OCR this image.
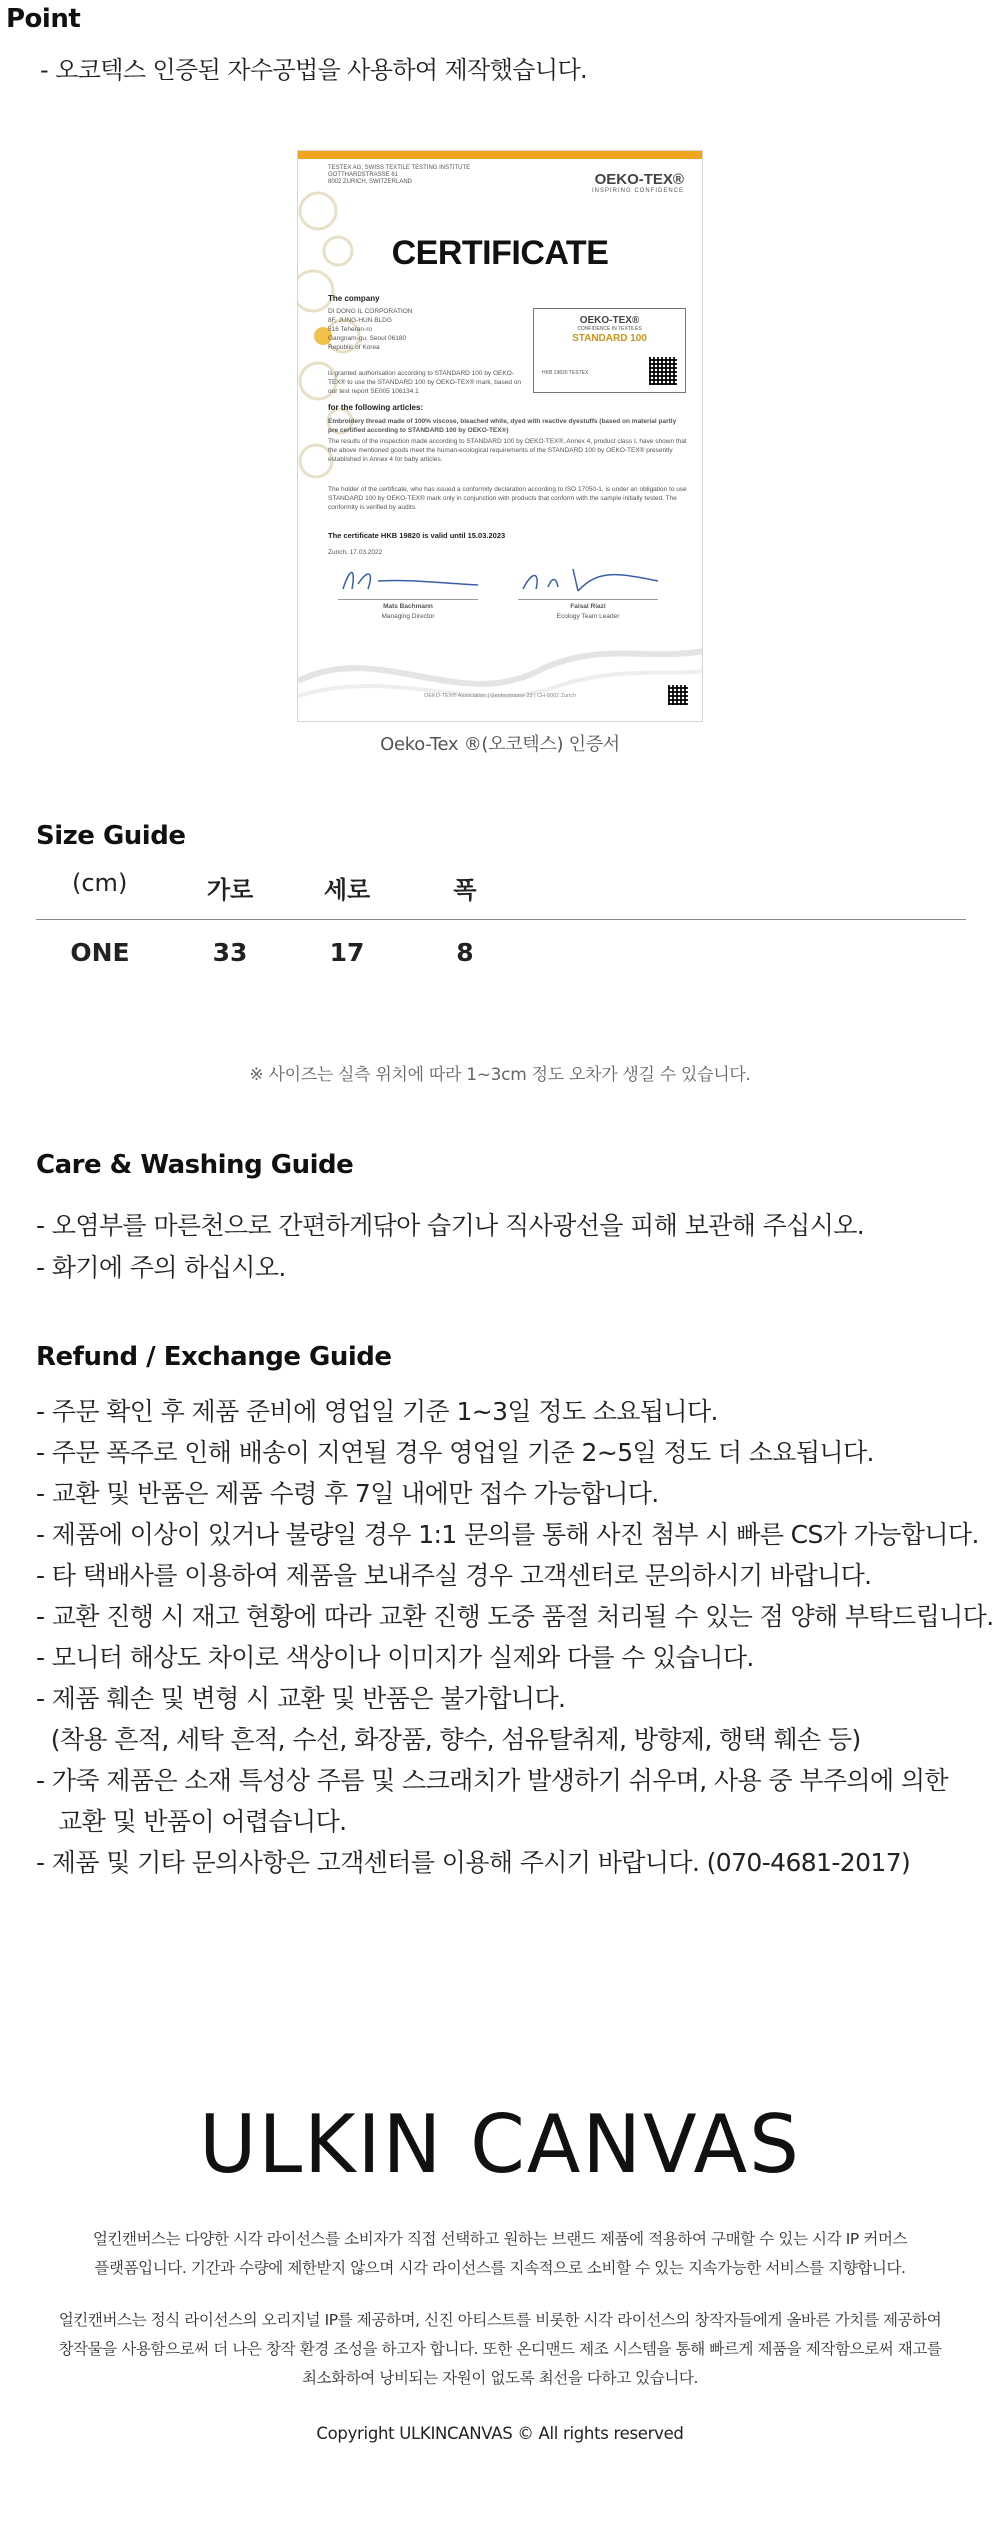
Point
- 오코텍스 인증된 자수공법을 사용하여 제작했습니다.
TESTEX AG, SWISS TEXTILE TESTING INSTITUTE
GOTTHARDSTRASSE 61
8002 ZURICH, SWITZERLAND	OEKO-TEX®
INSPIRING CONFIDENCE
CERTIFICATE
The company
DI DONG IL CORPORATION
8F, JUNG-HUN BLDG
516 Teheran-ro
Gangnam-gu, Seoul 06180
Republic of Korea
OEKO-TEX®
CONFIDENCE IN TEXTILES
STANDARD 100
HKB 19820 TESTEX
is granted authorisation according to STANDARD 100 by OEKO-TEX® to use the STANDARD 100 by OEKO-TEX® mark, based on our test report SE005 106134.1
for the following articles:
Embroidery thread made of 100% viscose, bleached white, dyed with reactive dyestuffs (based on material partly pre certified according to STANDARD 100 by OEKO-TEX®)
The results of the inspection made according to STANDARD 100 by OEKO-TEX®, Annex 4, product class I, have shown that the above mentioned goods meet the human-ecological requirements of the STANDARD 100 by OEKO-TEX® presently established in Annex 4 for baby articles.
The holder of the certificate, who has issued a conformity declaration according to ISO 17050-1, is under an obligation to use STANDARD 100 by OEKO-TEX® mark only in conjunction with products that conform with the sample initially tested. The conformity is verified by audits.
The certificate HKB 19820 is valid until 15.03.2023
Zurich, 17.03.2022
Mats Bachmann
Managing Director
Faisal Riazi
Ecology Team Leader
OEKO-TEX® Association | Genferstrasse 23 | CH-8002 Zurich
Oeko-Tex ®(오코텍스) 인증서
Size Guide
(cm)	가로	세로	폭
ONE	33	17	8
※ 사이즈는 실측 위치에 따라 1~3cm 정도 오차가 생길 수 있습니다.
Care & Washing Guide
- 오염부를 마른천으로 간편하게닦아 습기나 직사광선을 피해 보관해 주십시오.
- 화기에 주의 하십시오.
Refund / Exchange Guide
- 주문 확인 후 제품 준비에 영업일 기준 1~3일 정도 소요됩니다.
- 주문 폭주로 인해 배송이 지연될 경우 영업일 기준 2~5일 정도 더 소요됩니다.
- 교환 및 반품은 제품 수령 후 7일 내에만 접수 가능합니다.
- 제품에 이상이 있거나 불량일 경우 1:1 문의를 통해 사진 첨부 시 빠른 CS가 가능합니다.
- 타 택배사를 이용하여 제품을 보내주실 경우 고객센터로 문의하시기 바랍니다.
- 교환 진행 시 재고 현황에 따라 교환 진행 도중 품절 처리될 수 있는 점 양해 부탁드립니다.
- 모니터 해상도 차이로 색상이나 이미지가 실제와 다를 수 있습니다.
- 제품 훼손 및 변형 시 교환 및 반품은 불가합니다.
(착용 흔적, 세탁 흔적, 수선, 화장품, 향수, 섬유탈취제, 방향제, 행택 훼손 등)
- 가죽 제품은 소재 특성상 주름 및 스크래치가 발생하기 쉬우며, 사용 중 부주의에 의한
교환 및 반품이 어렵습니다.
- 제품 및 기타 문의사항은 고객센터를 이용해 주시기 바랍니다. (070-4681-2017)
ULKIN CANVAS
얼킨캔버스는 다양한 시각 라이선스를 소비자가 직접 선택하고 원하는 브랜드 제품에 적용하여 구매할 수 있는 시각 IP 커머스
플랫폼입니다. 기간과 수량에 제한받지 않으며 시각 라이선스를 지속적으로 소비할 수 있는 지속가능한 서비스를 지향합니다.
얼킨캔버스는 정식 라이선스의 오리지널 IP를 제공하며, 신진 아티스트를 비롯한 시각 라이선스의 창작자들에게 올바른 가치를 제공하여
창작물을 사용함으로써 더 나은 창작 환경 조성을 하고자 합니다. 또한 온디맨드 제조 시스템을 통해 빠르게 제품을 제작함으로써 재고를
최소화하여 낭비되는 자원이 없도록 최선을 다하고 있습니다.
Copyright ULKINCANVAS © All rights reserved
